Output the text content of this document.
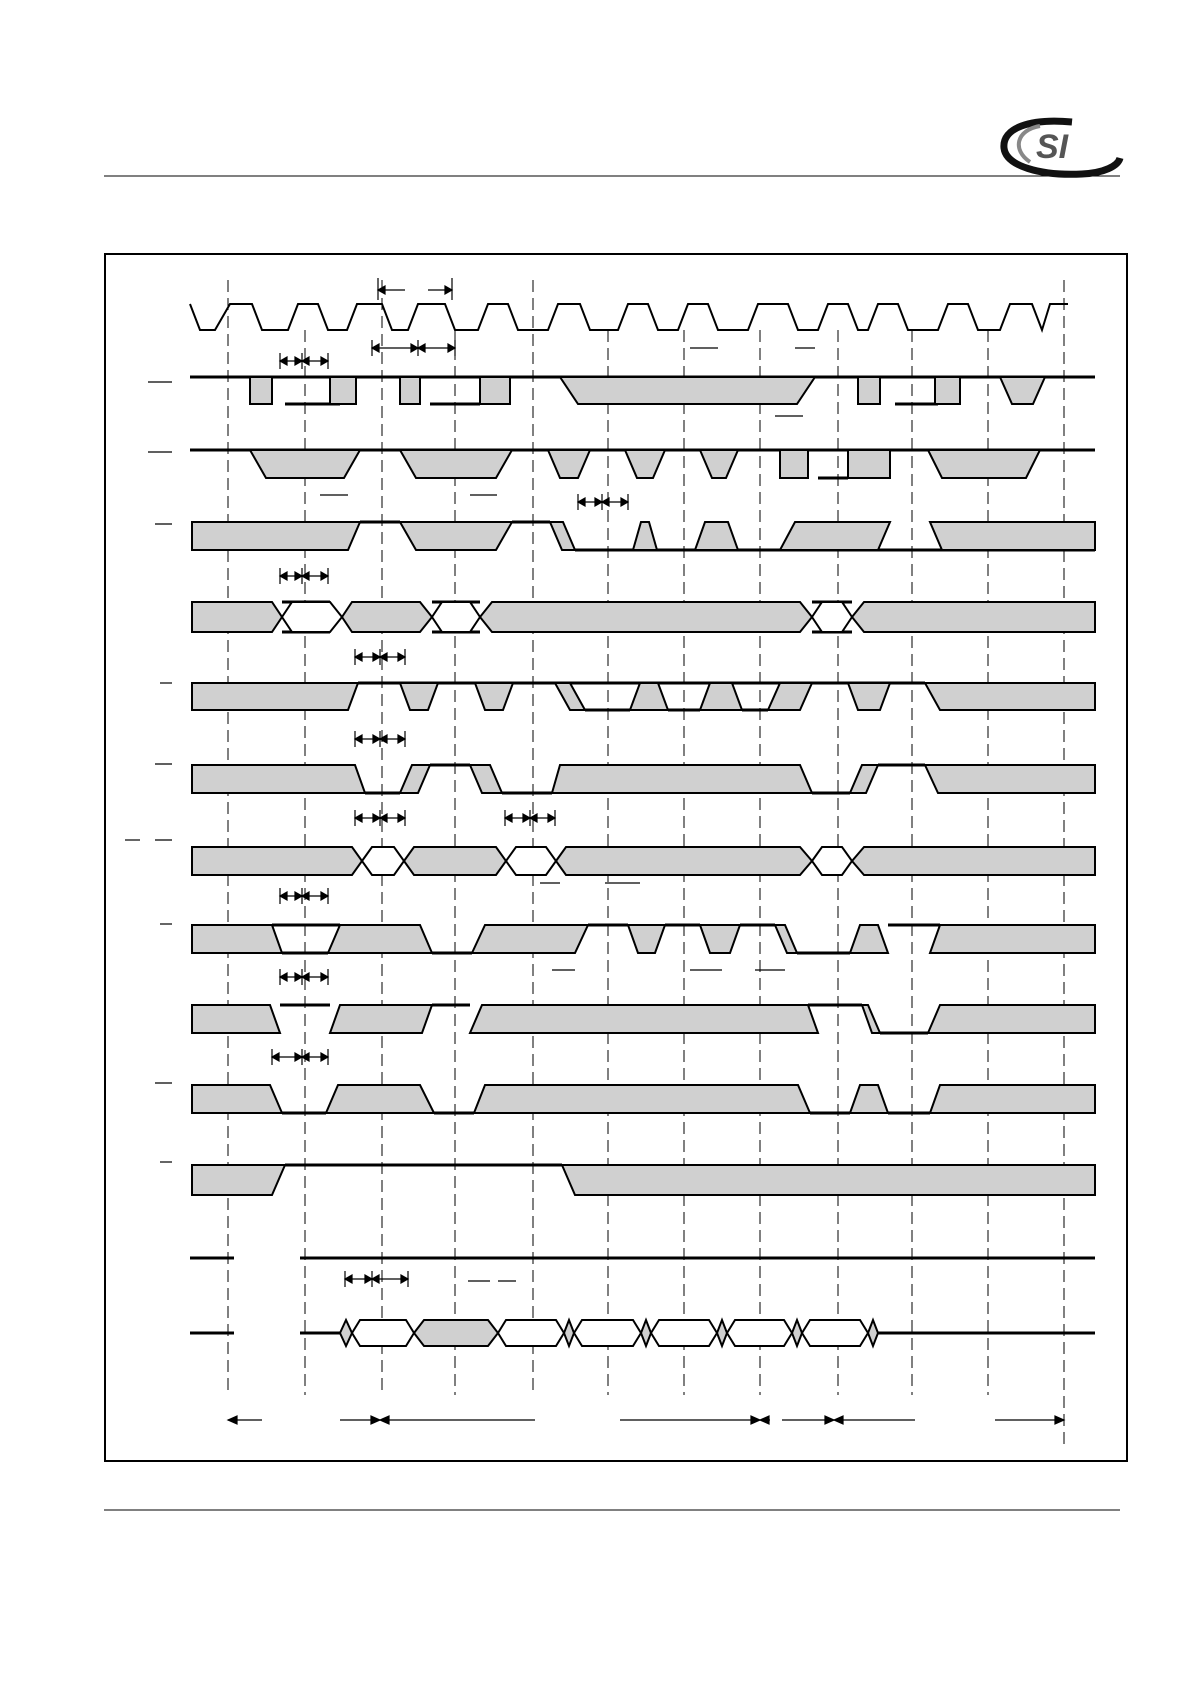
SI
